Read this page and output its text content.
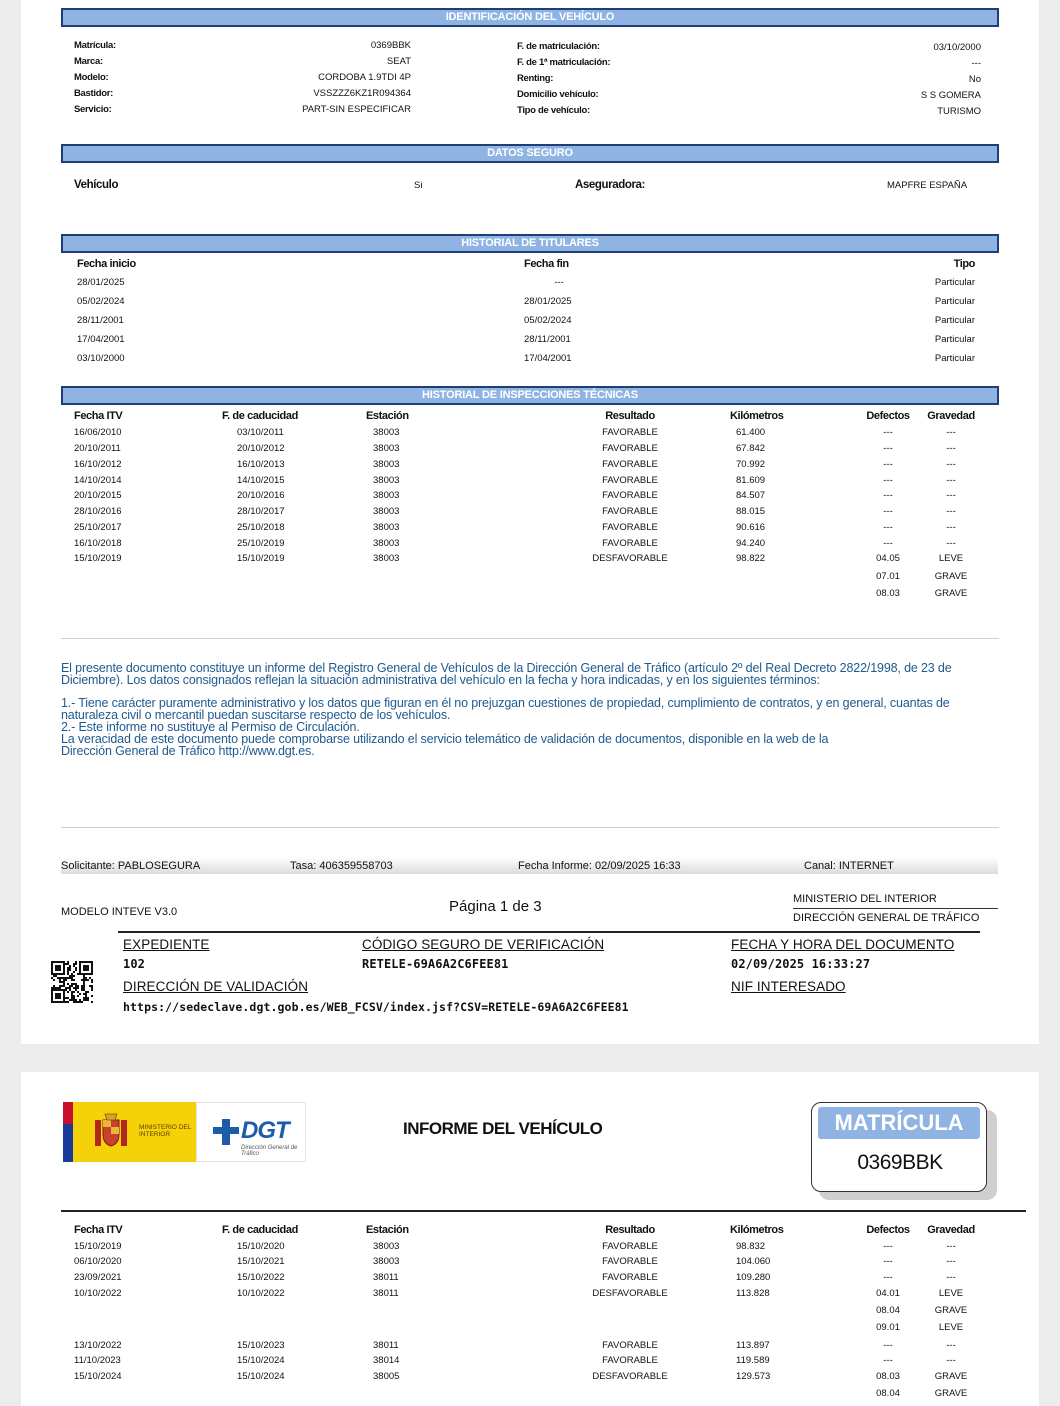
IDENTIFICACIÓN DEL VEHÍCULO
Matrícula:	0369BBK
Marca:	SEAT
Modelo:	CORDOBA 1.9TDI 4P
Bastidor:	VSSZZZ6KZ1R094364
Servicio:	PART-SIN ESPECIFICAR
F. de matriculación:	03/10/2000
F. de 1ª matriculación:	---
Renting:	No
Domicilio vehículo:	S S GOMERA
Tipo de vehículo:	TURISMO
DATOS SEGURO
Vehículo	Si	Aseguradora:	MAPFRE ESPAÑA
HISTORIAL DE TITULARES
Fecha inicio	Fecha fin	Tipo
28/01/2025	---	Particular
05/02/2024	28/01/2025	Particular
28/11/2001	05/02/2024	Particular
17/04/2001	28/11/2001	Particular
03/10/2000	17/04/2001	Particular
HISTORIAL DE INSPECCIONES TÉCNICAS
Fecha ITV	F. de caducidad	Estación	Resultado	Kilómetros	Defectos	Gravedad
16/06/2010	03/10/2011	38003	FAVORABLE	61.400	---	---
20/10/2011	20/10/2012	38003	FAVORABLE	67.842	---	---
16/10/2012	16/10/2013	38003	FAVORABLE	70.992	---	---
14/10/2014	14/10/2015	38003	FAVORABLE	81.609	---	---
20/10/2015	20/10/2016	38003	FAVORABLE	84.507	---	---
28/10/2016	28/10/2017	38003	FAVORABLE	88.015	---	---
25/10/2017	25/10/2018	38003	FAVORABLE	90.616	---	---
16/10/2018	25/10/2019	38003	FAVORABLE	94.240	---	---
15/10/2019	15/10/2019	38003	DESFAVORABLE	98.822	04.05	LEVE
07.01	GRAVE
08.03	GRAVE
El presente documento constituye un informe del Registro General de Vehículos de la Dirección General de Tráfico (artículo 2º del Real Decreto 2822/1998, de 23 de Diciembre). Los datos consignados reflejan la situación administrativa del vehículo en la fecha y hora indicadas, y en los siguientes términos:
1.- Tiene carácter puramente administrativo y los datos que figuran en él no prejuzgan cuestiones de propiedad, cumplimiento de contratos, y en general, cuantas de naturaleza civil o mercantil puedan suscitarse respecto de los vehículos.
2.- Este informe no sustituye al Permiso de Circulación.
La veracidad de este documento puede comprobarse utilizando el servicio telemático de validación de documentos, disponible en la web de la
Dirección General de Tráfico http://www.dgt.es.
Solicitante: PABLOSEGURA	Tasa: 406359558703	Fecha Informe: 02/09/2025 16:33	Canal: INTERNET
MODELO INTEVE V3.0	Página 1 de 3	MINISTERIO DEL INTERIOR
DIRECCIÓN GENERAL DE TRÁFICO
EXPEDIENTE
102
CÓDIGO SEGURO DE VERIFICACIÓN
RETELE-69A6A2C6FEE81
FECHA Y HORA DEL DOCUMENTO
02/09/2025 16:33:27
DIRECCIÓN DE VALIDACIÓN
https://sedeclave.dgt.gob.es/WEB_FCSV/index.jsf?CSV=RETELE-69A6A2C6FEE81
NIF INTERESADO
MINISTERIO DEL INTERIOR	DGT
Dirección General de Tráfico
INFORME DEL VEHÍCULO	MATRÍCULA
0369BBK
Fecha ITV	F. de caducidad	Estación	Resultado	Kilómetros	Defectos	Gravedad
15/10/2019	15/10/2020	38003	FAVORABLE	98.832	---	---
06/10/2020	15/10/2021	38003	FAVORABLE	104.060	---	---
23/09/2021	15/10/2022	38011	FAVORABLE	109.280	---	---
10/10/2022	10/10/2022	38011	DESFAVORABLE	113.828	04.01	LEVE
08.04	GRAVE
09.01	LEVE
13/10/2022	15/10/2023	38011	FAVORABLE	113.897	---	---
11/10/2023	15/10/2024	38014	FAVORABLE	119.589	---	---
15/10/2024	15/10/2024	38005	DESFAVORABLE	129.573	08.03	GRAVE
08.04	GRAVE
